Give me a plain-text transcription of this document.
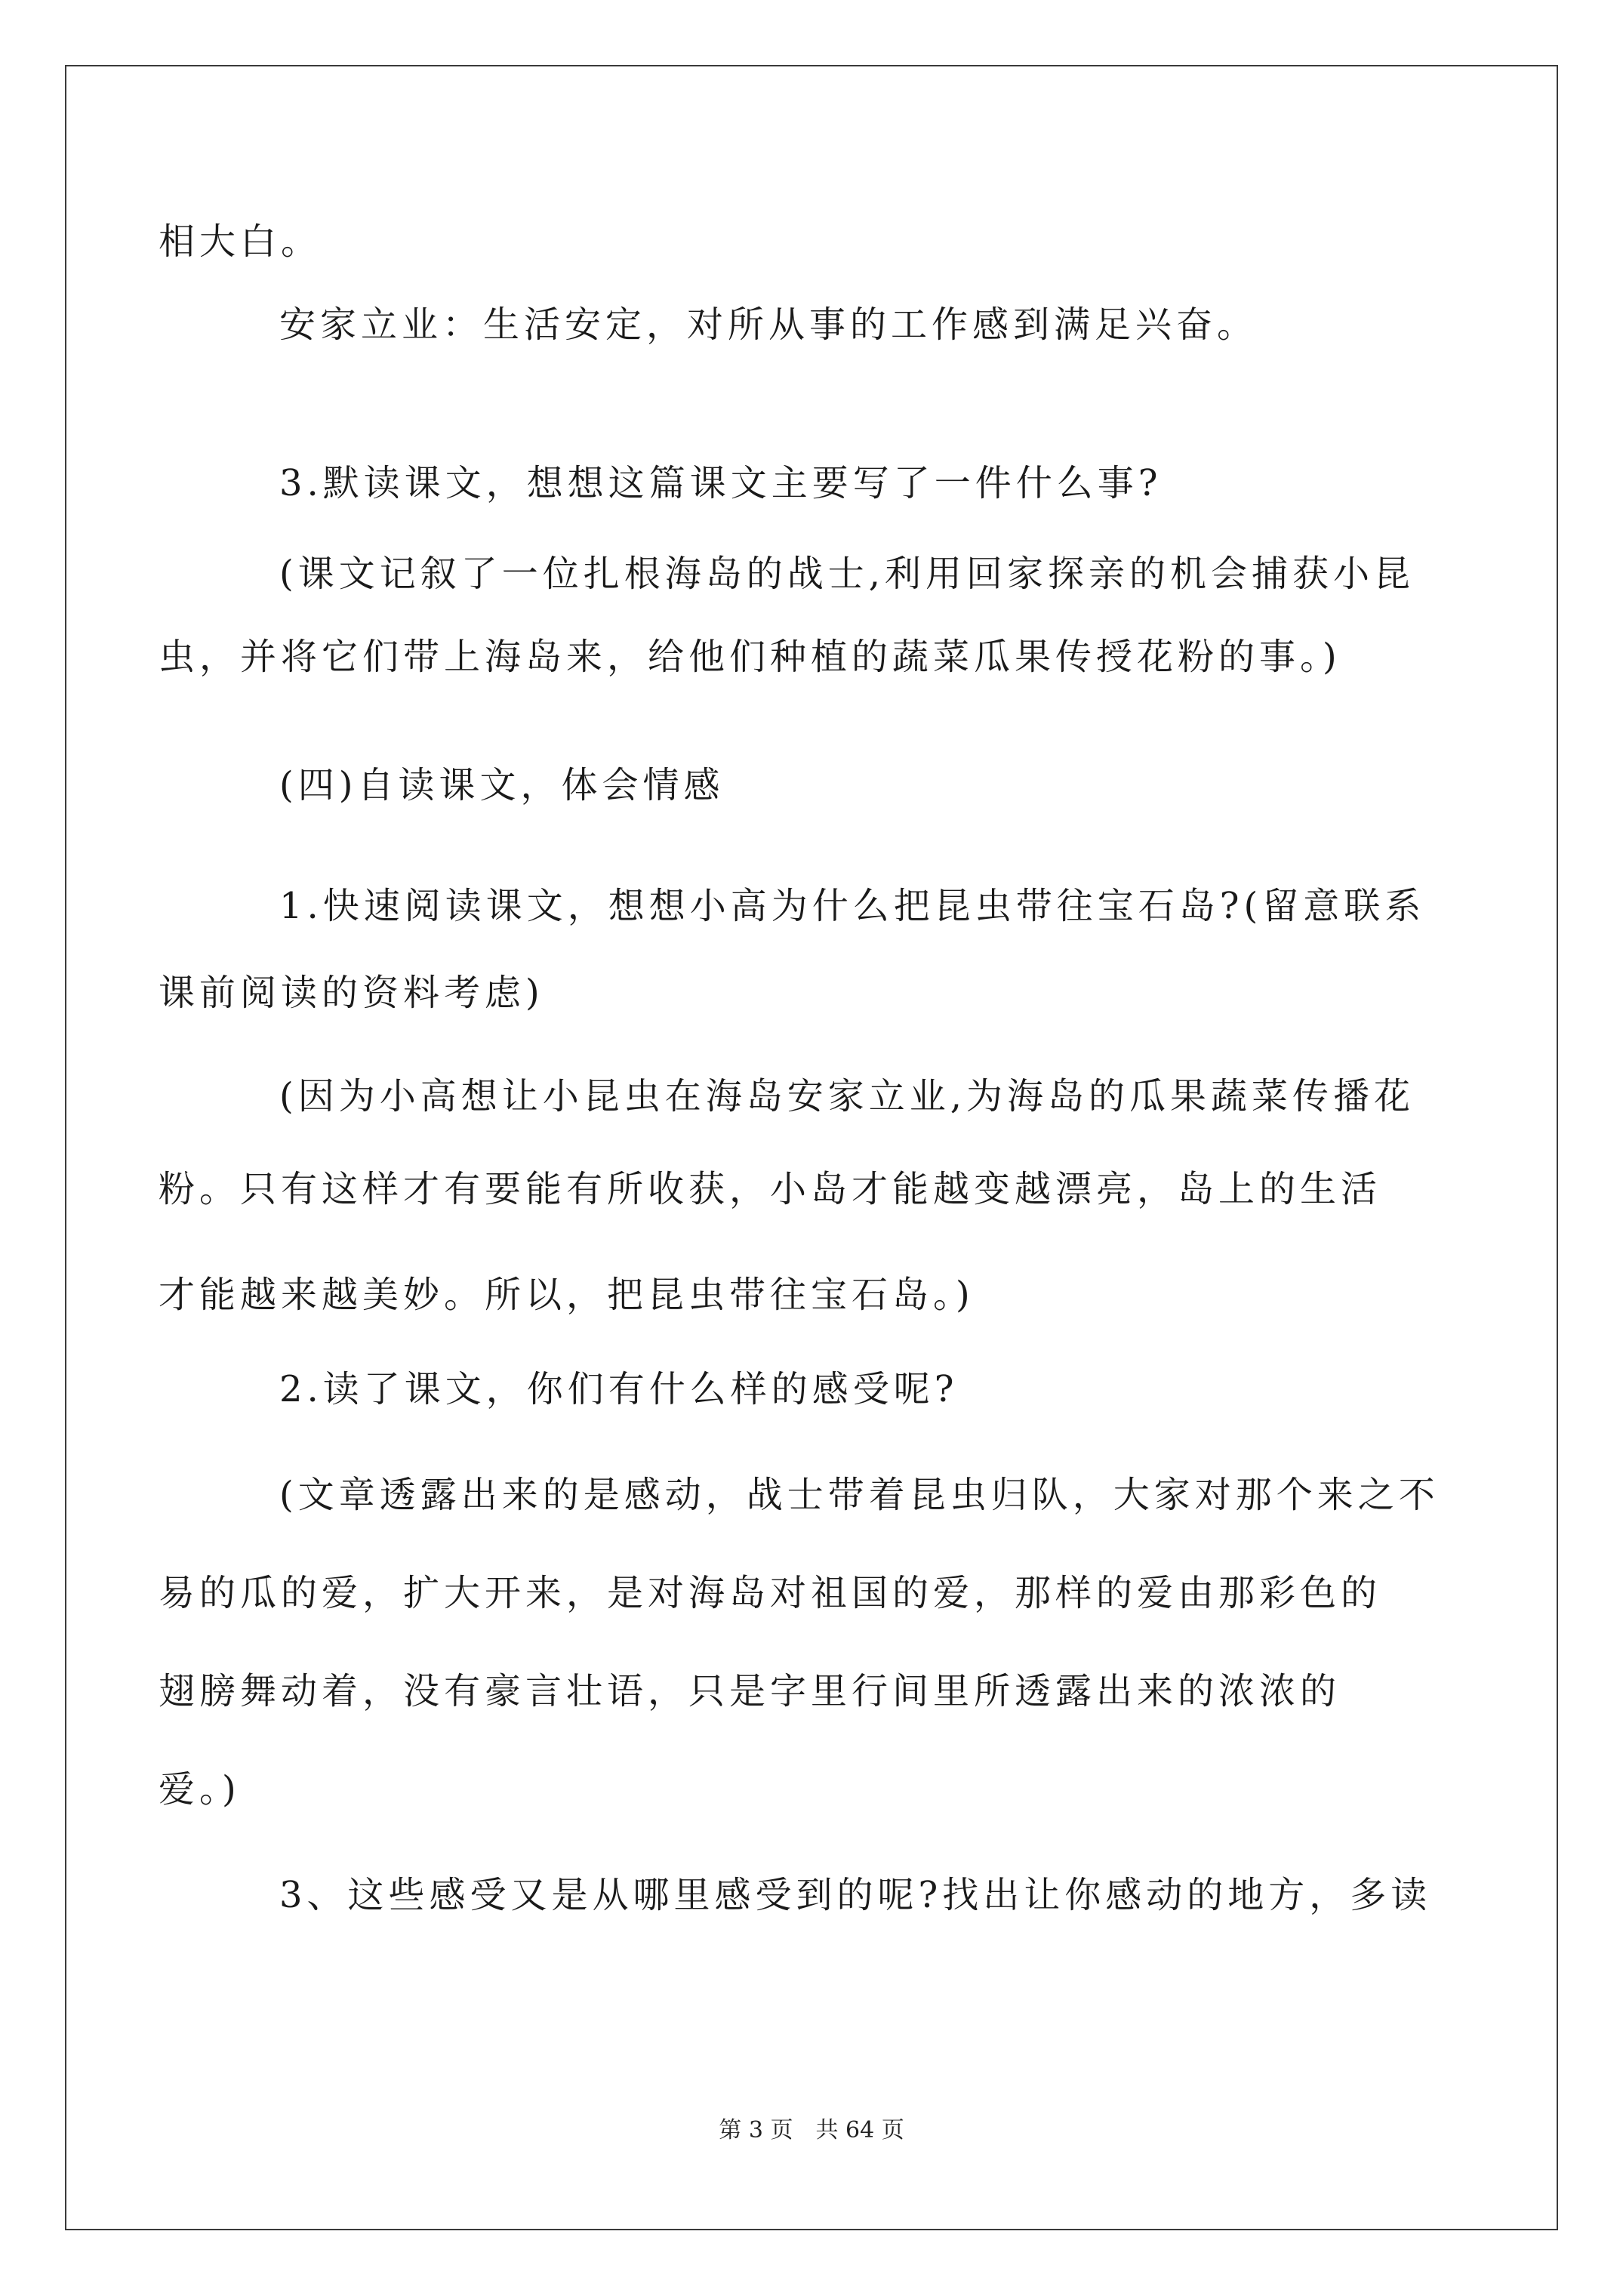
相大白。
安家立业：生活安定，对所从事的工作感到满足兴奋。
3.默读课文，想想这篇课文主要写了一件什么事?
(课文记叙了一位扎根海岛的战士,利用回家探亲的机会捕获小昆
虫，并将它们带上海岛来，给他们种植的蔬菜瓜果传授花粉的事。)
(四)自读课文，体会情感
1.快速阅读课文，想想小高为什么把昆虫带往宝石岛?(留意联系
课前阅读的资料考虑)
(因为小高想让小昆虫在海岛安家立业,为海岛的瓜果蔬菜传播花
粉。只有这样才有要能有所收获，小岛才能越变越漂亮，岛上的生活
才能越来越美妙。所以，把昆虫带往宝石岛。)
2.读了课文，你们有什么样的感受呢?
(文章透露出来的是感动，战士带着昆虫归队，大家对那个来之不
易的瓜的爱，扩大开来，是对海岛对祖国的爱，那样的爱由那彩色的
翅膀舞动着，没有豪言壮语，只是字里行间里所透露出来的浓浓的
爱。)
3、这些感受又是从哪里感受到的呢?找出让你感动的地方，多读
第 3 页　共 64 页
